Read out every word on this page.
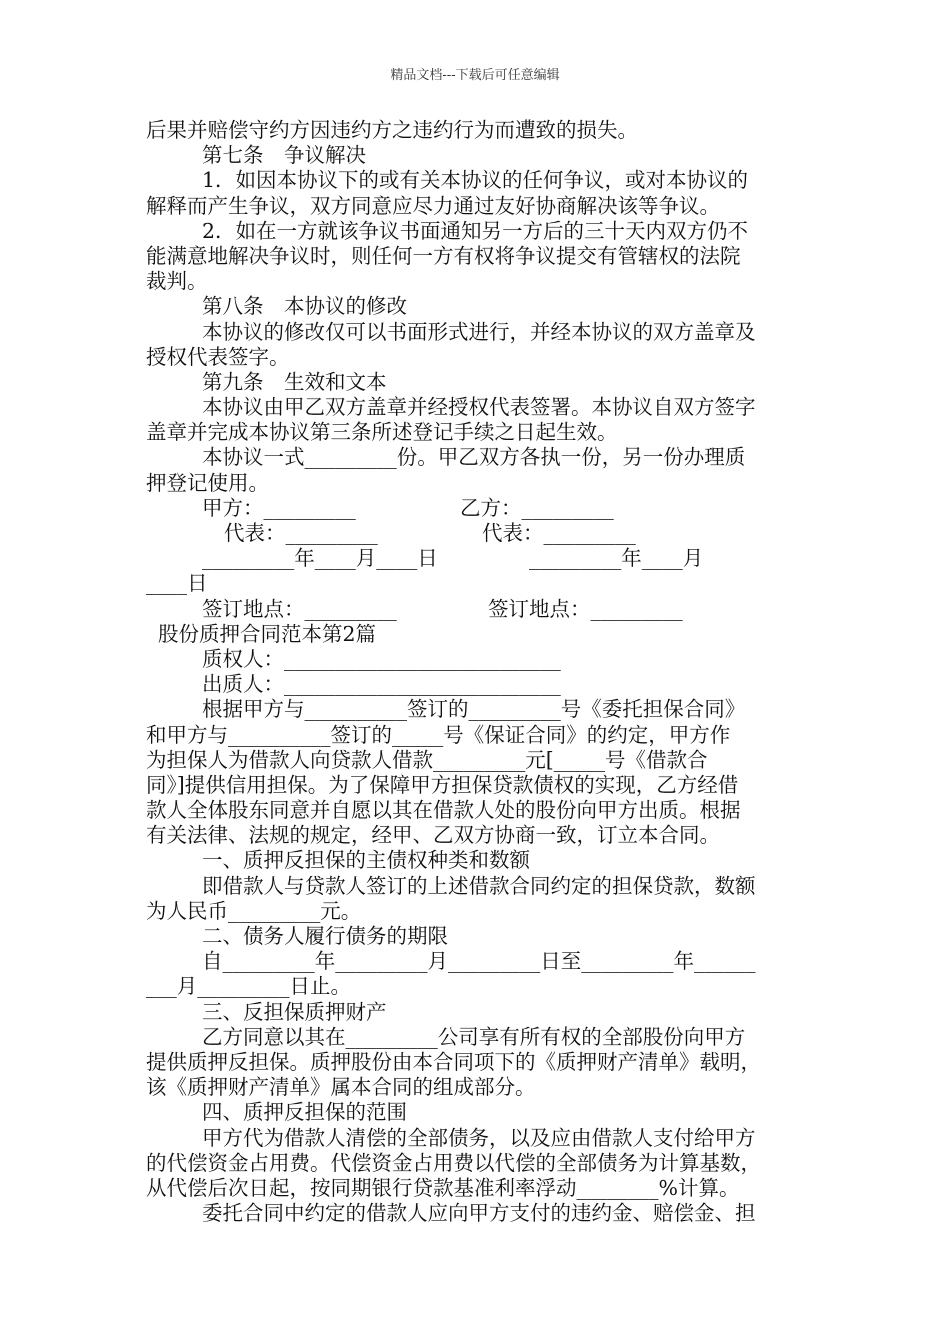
精品文档---下载后可任意编辑
后果并赔偿守约方因违约方之违约行为而遭致的损失。
第七条　争议解决
1．如因本协议下的或有关本协议的任何争议，或对本协议的
解释而产生争议，双方同意应尽力通过友好协商解决该等争议。
2．如在一方就该争议书面通知另一方后的三十天内双方仍不
能满意地解决争议时，则任何一方有权将争议提交有管辖权的法院
裁判。
第八条　本协议的修改
本协议的修改仅可以书面形式进行，并经本协议的双方盖章及
授权代表签字。
第九条　生效和文本
本协议由甲乙双方盖章并经授权代表签署。本协议自双方签字
盖章并完成本协议第三条所述登记手续之日起生效。
本协议一式_________份。甲乙双方各执一份，另一份办理质
押登记使用。
甲方：_________                乙方：_________
代表：_________                代表：_________
_________年____月____日              _________年____月
____日
签订地点：_________              签订地点：_________
股份质押合同范本第2篇
质权人：___________________________
出质人：___________________________
根据甲方与__________签订的_________号《委托担保合同》
和甲方与__________签订的_____号《保证合同》的约定，甲方作
为担保人为借款人向贷款人借款_________元[_____号《借款合
同》]提供信用担保。为了保障甲方担保贷款债权的实现，乙方经借
款人全体股东同意并自愿以其在借款人处的股份向甲方出质。根据
有关法律、法规的规定，经甲、乙双方协商一致，订立本合同。
一、质押反担保的主债权种类和数额
即借款人与贷款人签订的上述借款合同约定的担保贷款，数额
为人民币_________元。
二、债务人履行债务的期限
自_________年_________月_________日至_________年______
___月_________日止。
三、反担保质押财产
乙方同意以其在_________公司享有所有权的全部股份向甲方
提供质押反担保。质押股份由本合同项下的《质押财产清单》载明，
该《质押财产清单》属本合同的组成部分。
四、质押反担保的范围
甲方代为借款人清偿的全部债务，以及应由借款人支付给甲方
的代偿资金占用费。代偿资金占用费以代偿的全部债务为计算基数，
从代偿后次日起，按同期银行贷款基准利率浮动________%计算。
委托合同中约定的借款人应向甲方支付的违约金、赔偿金、担
